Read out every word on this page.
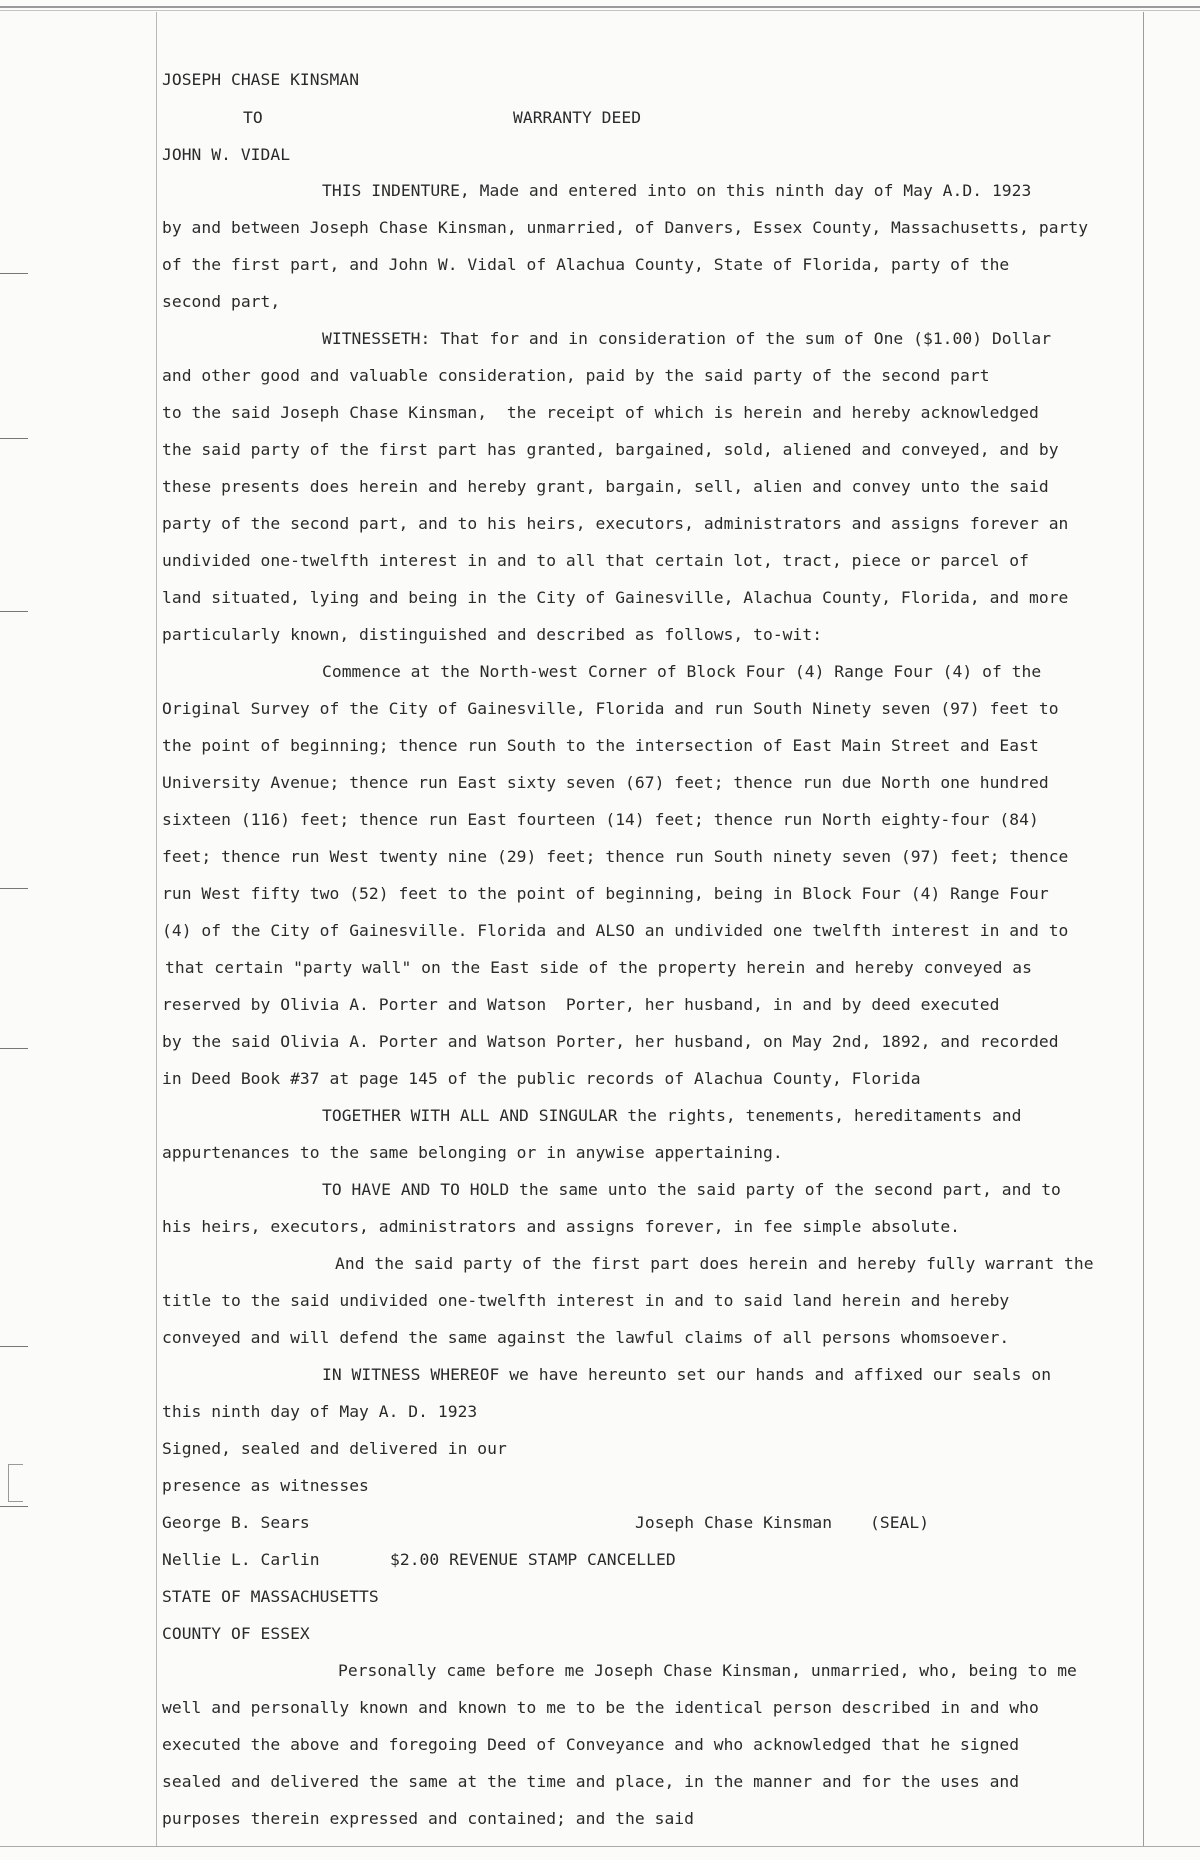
JOSEPH CHASE KINSMAN
TO	WARRANTY DEED
JOHN W. VIDAL
THIS INDENTURE, Made and entered into on this ninth day of May A.D. 1923
by and between Joseph Chase Kinsman, unmarried, of Danvers, Essex County, Massachusetts, party
of the first part, and John W. Vidal of Alachua County, State of Florida, party of the
second part,
WITNESSETH: That for and in consideration of the sum of One ($1.00) Dollar
and other good and valuable consideration, paid by the said party of the second part
to the said Joseph Chase Kinsman,  the receipt of which is herein and hereby acknowledged
the said party of the first part has granted, bargained, sold, aliened and conveyed, and by
these presents does herein and hereby grant, bargain, sell, alien and convey unto the said
party of the second part, and to his heirs, executors, administrators and assigns forever an
undivided one-twelfth interest in and to all that certain lot, tract, piece or parcel of
land situated, lying and being in the City of Gainesville, Alachua County, Florida, and more
particularly known, distinguished and described as follows, to-wit:
Commence at the North-west Corner of Block Four (4) Range Four (4) of the
Original Survey of the City of Gainesville, Florida and run South Ninety seven (97) feet to
the point of beginning; thence run South to the intersection of East Main Street and East
University Avenue; thence run East sixty seven (67) feet; thence run due North one hundred
sixteen (116) feet; thence run East fourteen (14) feet; thence run North eighty-four (84)
feet; thence run West twenty nine (29) feet; thence run South ninety seven (97) feet; thence
run West fifty two (52) feet to the point of beginning, being in Block Four (4) Range Four
(4) of the City of Gainesville. Florida and ALSO an undivided one twelfth interest in and to
that certain "party wall" on the East side of the property herein and hereby conveyed as
reserved by Olivia A. Porter and Watson  Porter, her husband, in and by deed executed
by the said Olivia A. Porter and Watson Porter, her husband, on May 2nd, 1892, and recorded
in Deed Book #37 at page 145 of the public records of Alachua County, Florida
TOGETHER WITH ALL AND SINGULAR the rights, tenements, hereditaments and
appurtenances to the same belonging or in anywise appertaining.
TO HAVE AND TO HOLD the same unto the said party of the second part, and to
his heirs, executors, administrators and assigns forever, in fee simple absolute.
And the said party of the first part does herein and hereby fully warrant the
title to the said undivided one-twelfth interest in and to said land herein and hereby
conveyed and will defend the same against the lawful claims of all persons whomsoever.
IN WITNESS WHEREOF we have hereunto set our hands and affixed our seals on
this ninth day of May A. D. 1923
Signed, sealed and delivered in our
presence as witnesses
George B. Sears	Joseph Chase Kinsman (SEAL)
Nellie L. Carlin	$2.00 REVENUE STAMP CANCELLED
STATE OF MASSACHUSETTS
COUNTY OF ESSEX
Personally came before me Joseph Chase Kinsman, unmarried, who, being to me
well and personally known and known to me to be the identical person described in and who
executed the above and foregoing Deed of Conveyance and who acknowledged that he signed
sealed and delivered the same at the time and place, in the manner and for the uses and
purposes therein expressed and contained; and the said
